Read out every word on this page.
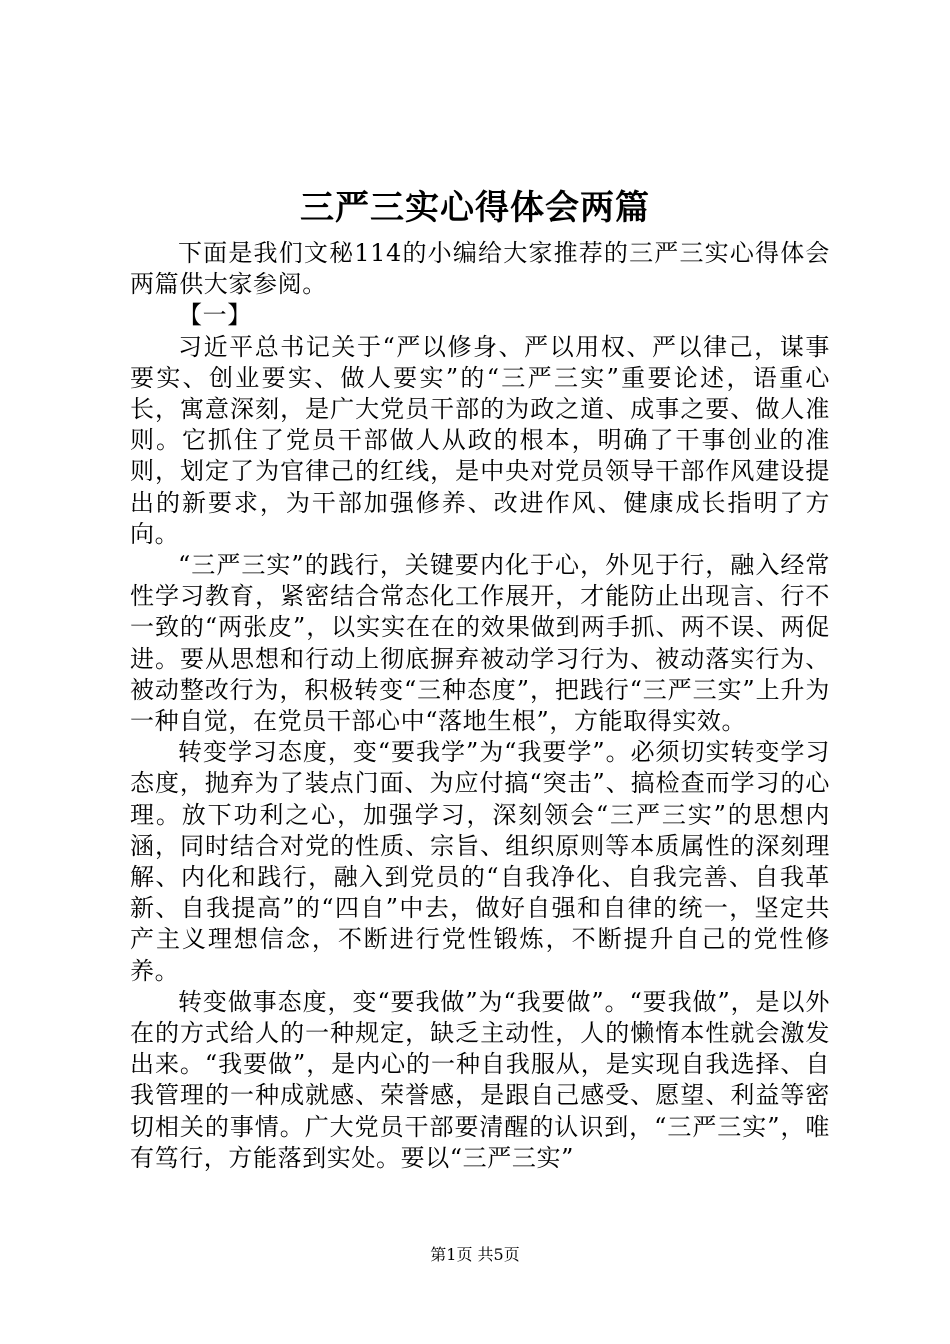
三严三实心得体会两篇

下面是我们文秘114的小编给大家推荐的三严三实心得体会两篇供大家参阅。

【一】

习近平总书记关于“严以修身、严以用权、严以律己，谋事要实、创业要实、做人要实”的“三严三实”重要论述，语重心长，寓意深刻，是广大党员干部的为政之道、成事之要、做人准则。它抓住了党员干部做人从政的根本，明确了干事创业的准则，划定了为官律己的红线，是中央对党员领导干部作风建设提出的新要求，为干部加强修养、改进作风、健康成长指明了方向。

“三严三实”的践行，关键要内化于心，外见于行，融入经常性学习教育，紧密结合常态化工作展开，才能防止出现言、行不一致的“两张皮”，以实实在在的效果做到两手抓、两不误、两促进。要从思想和行动上彻底摒弃被动学习行为、被动落实行为、被动整改行为，积极转变“三种态度”，把践行“三严三实”上升为一种自觉，在党员干部心中“落地生根”，方能取得实效。

转变学习态度，变“要我学”为“我要学”。必须切实转变学习态度，抛弃为了装点门面、为应付搞“突击”、搞检查而学习的心理。放下功利之心，加强学习，深刻领会“三严三实”的思想内涵，同时结合对党的性质、宗旨、组织原则等本质属性的深刻理解、内化和践行，融入到党员的“自我净化、自我完善、自我革新、自我提高”的“四自”中去，做好自强和自律的统一，坚定共产主义理想信念，不断进行党性锻炼，不断提升自己的党性修养。

转变做事态度，变“要我做”为“我要做”。“要我做”，是以外在的方式给人的一种规定，缺乏主动性，人的懒惰本性就会激发出来。“我要做”，是内心的一种自我服从，是实现自我选择、自我管理的一种成就感、荣誉感，是跟自己感受、愿望、利益等密切相关的事情。广大党员干部要清醒的认识到，“三严三实”，唯有笃行，方能落到实处。要以“三严三实”

第1页 共5页
